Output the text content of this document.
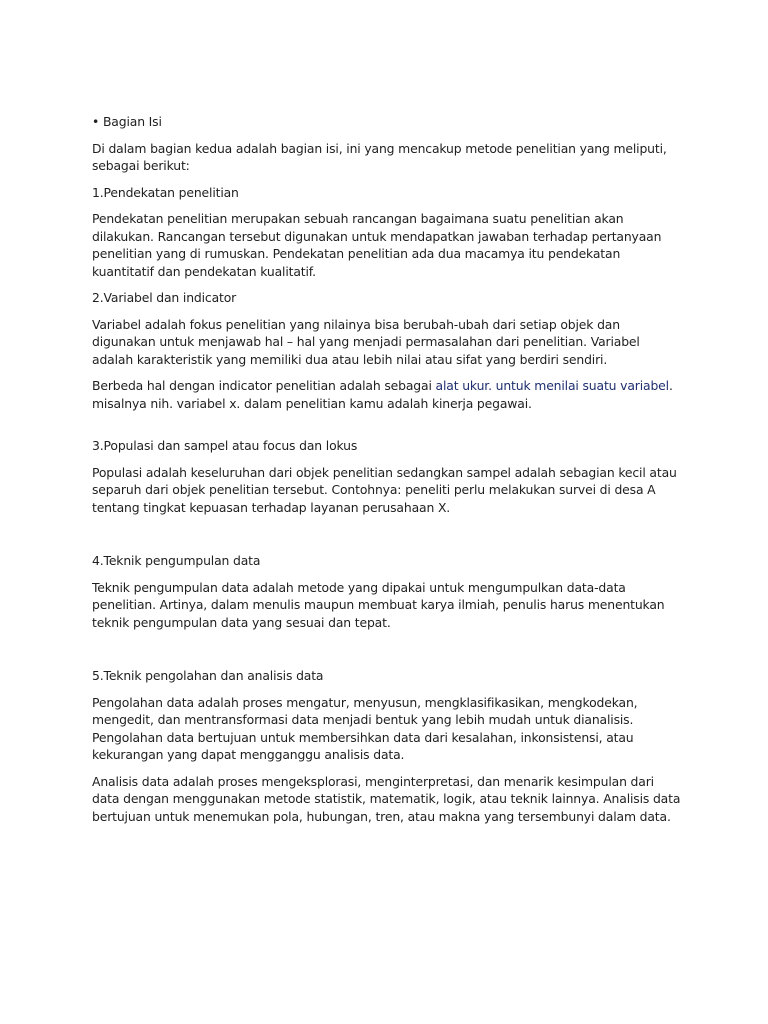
• Bagian Isi

Di dalam bagian kedua adalah bagian isi, ini yang mencakup metode penelitian yang meliputi, sebagai berikut:

1.Pendekatan penelitian

Pendekatan penelitian merupakan sebuah rancangan bagaimana suatu penelitian akan dilakukan. Rancangan tersebut digunakan untuk mendapatkan jawaban terhadap pertanyaan penelitian yang di rumuskan. Pendekatan penelitian ada dua macamya itu pendekatan kuantitatif dan pendekatan kualitatif.

2.Variabel dan indicator

Variabel adalah fokus penelitian yang nilainya bisa berubah-ubah dari setiap objek dan digunakan untuk menjawab hal – hal yang menjadi permasalahan dari penelitian. Variabel adalah karakteristik yang memiliki dua atau lebih nilai atau sifat yang berdiri sendiri.

Berbeda hal dengan indicator penelitian adalah sebagai alat ukur. untuk menilai suatu variabel. misalnya nih. variabel x. dalam penelitian kamu adalah kinerja pegawai.

3.Populasi dan sampel atau focus dan lokus

Populasi adalah keseluruhan dari objek penelitian sedangkan sampel adalah sebagian kecil atau separuh dari objek penelitian tersebut. Contohnya: peneliti perlu melakukan survei di desa A tentang tingkat kepuasan terhadap layanan perusahaan X.

4.Teknik pengumpulan data

Teknik pengumpulan data adalah metode yang dipakai untuk mengumpulkan data-data penelitian. Artinya, dalam menulis maupun membuat karya ilmiah, penulis harus menentukan teknik pengumpulan data yang sesuai dan tepat.

5.Teknik pengolahan dan analisis data

Pengolahan data adalah proses mengatur, menyusun, mengklasifikasikan, mengkodekan, mengedit, dan mentransformasi data menjadi bentuk yang lebih mudah untuk dianalisis. Pengolahan data bertujuan untuk membersihkan data dari kesalahan, inkonsistensi, atau kekurangan yang dapat mengganggu analisis data.

Analisis data adalah proses mengeksplorasi, menginterpretasi, dan menarik kesimpulan dari data dengan menggunakan metode statistik, matematik, logik, atau teknik lainnya. Analisis data bertujuan untuk menemukan pola, hubungan, tren, atau makna yang tersembunyi dalam data.
